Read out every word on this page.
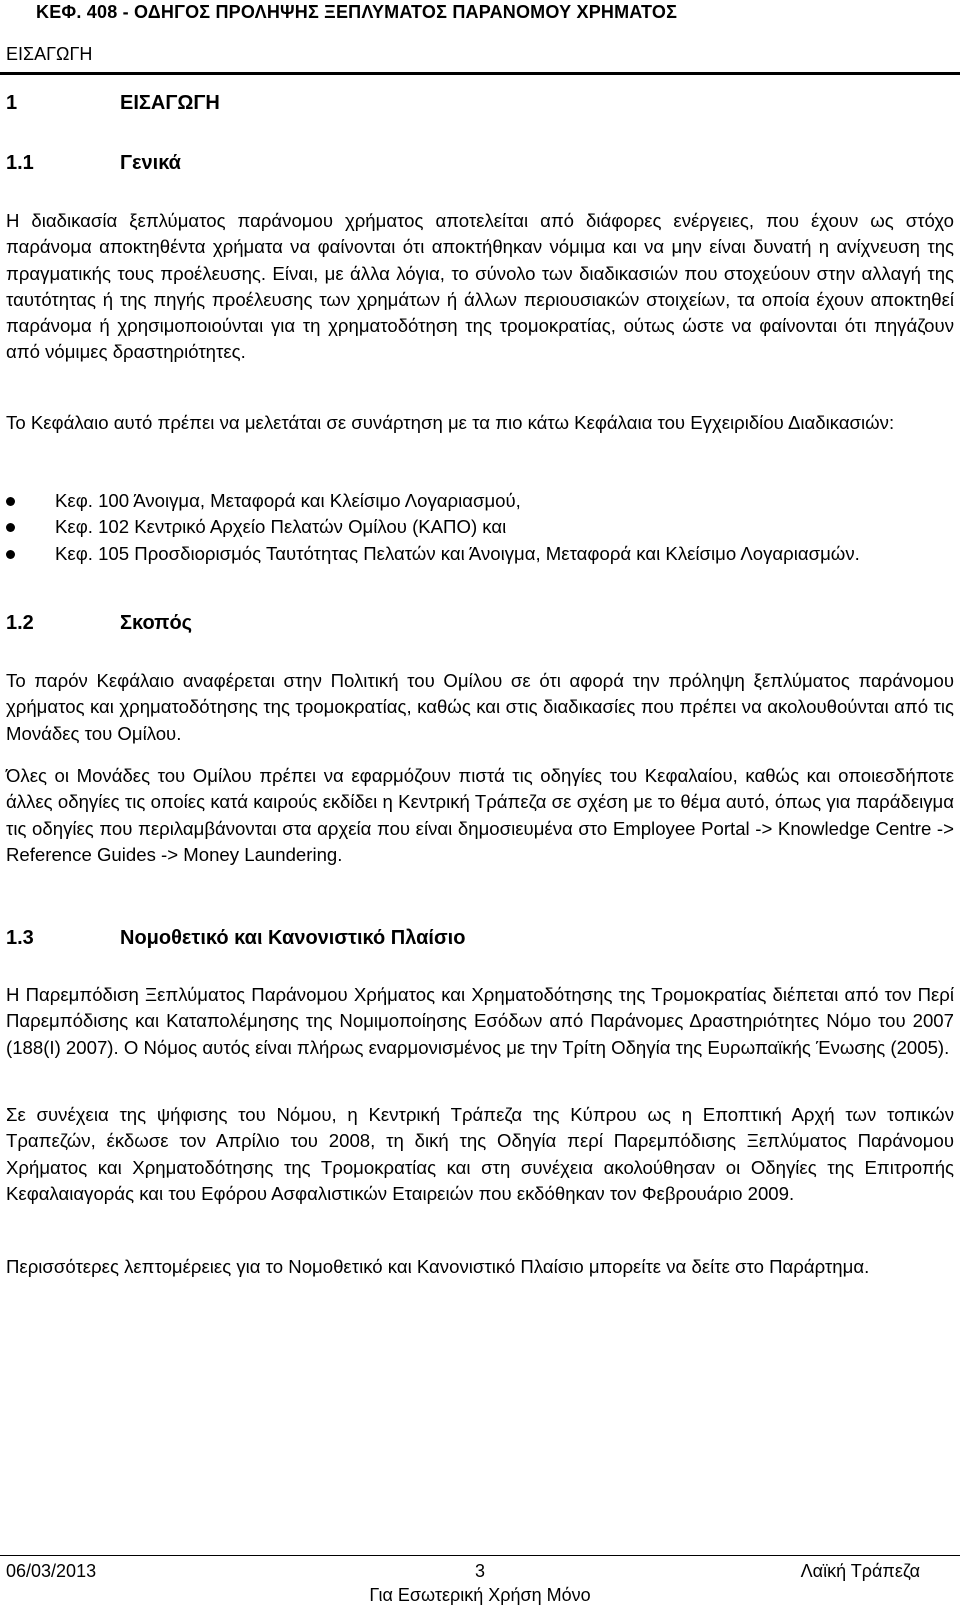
ΚΕΦ. 408 - ΟΔΗΓΟΣ ΠΡΟΛΗΨΗΣ ΞΕΠΛΥΜΑΤΟΣ ΠΑΡΑΝΟΜΟΥ ΧΡΗΜΑΤΟΣ
ΕΙΣΑΓΩΓΗ
1	ΕΙΣΑΓΩΓΗ
1.1	Γενικά

Η διαδικασία ξεπλύματος παράνομου χρήματος αποτελείται από διάφορες ενέργειες, που έχουν ως στόχο παράνομα αποκτηθέντα χρήματα να φαίνονται ότι αποκτήθηκαν νόμιμα και να μην είναι δυνατή η ανίχνευση της πραγματικής τους προέλευσης. Είναι, με άλλα λόγια, το σύνολο των διαδικασιών που στοχεύουν στην αλλαγή της ταυτότητας ή της πηγής προέλευσης των χρημάτων ή άλλων περιουσιακών στοιχείων, τα οποία έχουν αποκτηθεί παράνομα ή χρησιμοποιούνται για τη χρηματοδότηση της τρομοκρατίας, ούτως ώστε να φαίνονται ότι πηγάζουν από νόμιμες δραστηριότητες.

Το Κεφάλαιο αυτό πρέπει να μελετάται σε συνάρτηση με τα πιο κάτω Κεφάλαια του Εγχειριδίου Διαδικασιών:

Κεφ. 100 Άνοιγμα, Μεταφορά και Κλείσιμο Λογαριασμού,
Κεφ. 102 Κεντρικό Αρχείο Πελατών Ομίλου (ΚΑΠΟ) και
Κεφ. 105 Προσδιορισμός Ταυτότητας Πελατών και Άνοιγμα, Μεταφορά και Κλείσιμο Λογαριασμών.
1.2	Σκοπός

Το παρόν Κεφάλαιο αναφέρεται στην Πολιτική του Ομίλου σε ότι αφορά την πρόληψη ξεπλύματος παράνομου χρήματος και χρηματοδότησης της τρομοκρατίας, καθώς και στις διαδικασίες που πρέπει να ακολουθούνται από τις Μονάδες του Ομίλου.

Όλες οι Μονάδες του Ομίλου πρέπει να εφαρμόζουν πιστά τις οδηγίες του Κεφαλαίου, καθώς και οποιεσδήποτε άλλες οδηγίες τις οποίες κατά καιρούς εκδίδει η Κεντρική Τράπεζα σε σχέση με το θέμα αυτό, όπως για παράδειγμα τις οδηγίες που περιλαμβάνονται στα αρχεία που είναι δημοσιευμένα στο Employee Portal -> Knowledge Centre -> Reference Guides -> Money Laundering.

1.3	Νομοθετικό και Κανονιστικό Πλαίσιο

Η Παρεμπόδιση Ξεπλύματος Παράνομου Χρήματος και Χρηματοδότησης της Τρομοκρατίας διέπεται από τον Περί Παρεμπόδισης και Καταπολέμησης της Νομιμοποίησης Εσόδων από Παράνομες Δραστηριότητες Νόμο του 2007 (188(Ι) 2007). Ο Νόμος αυτός είναι πλήρως εναρμονισμένος με την Τρίτη Οδηγία της Ευρωπαϊκής Ένωσης (2005).

Σε συνέχεια της ψήφισης του Νόμου, η Κεντρική Τράπεζα της Κύπρου ως η Εποπτική Αρχή των τοπικών Τραπεζών, έκδωσε τον Απρίλιο του 2008, τη δική της Οδηγία περί Παρεμπόδισης Ξεπλύματος Παράνομου Χρήματος και Χρηματοδότησης της Τρομοκρατίας και στη συνέχεια ακολούθησαν οι Οδηγίες της Επιτροπής Κεφαλαιαγοράς και του Εφόρου Ασφαλιστικών Εταιρειών που εκδόθηκαν τον Φεβρουάριο 2009.

Περισσότερες λεπτομέρειες για το Νομοθετικό και Κανονιστικό Πλαίσιο μπορείτε να δείτε στο Παράρτημα.

06/03/2013	3	Λαϊκή Τράπεζα
Για Εσωτερική Χρήση Μόνο
